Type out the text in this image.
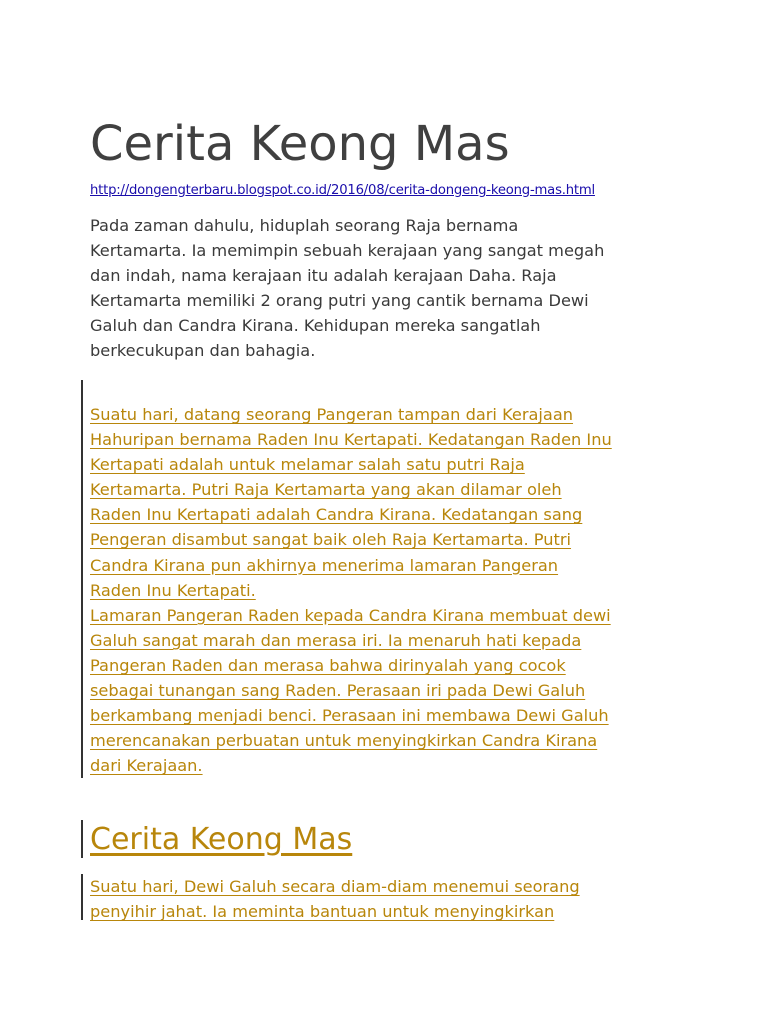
Cerita Keong Mas
http://dongengterbaru.blogspot.co.id/2016/08/cerita-dongeng-keong-mas.html
Pada zaman dahulu, hiduplah seorang Raja bernama
Kertamarta. Ia memimpin sebuah kerajaan yang sangat megah
dan indah, nama kerajaan itu adalah kerajaan Daha. Raja
Kertamarta memiliki 2 orang putri yang cantik bernama Dewi
Galuh dan Candra Kirana. Kehidupan mereka sangatlah
berkecukupan dan bahagia.
Suatu hari, datang seorang Pangeran tampan dari Kerajaan
Hahuripan bernama Raden Inu Kertapati. Kedatangan Raden Inu
Kertapati adalah untuk melamar salah satu putri Raja
Kertamarta. Putri Raja Kertamarta yang akan dilamar oleh
Raden Inu Kertapati adalah Candra Kirana. Kedatangan sang
Pengeran disambut sangat baik oleh Raja Kertamarta. Putri
Candra Kirana pun akhirnya menerima lamaran Pangeran
Raden Inu Kertapati.
Lamaran Pangeran Raden kepada Candra Kirana membuat dewi
Galuh sangat marah dan merasa iri. Ia menaruh hati kepada
Pangeran Raden dan merasa bahwa dirinyalah yang cocok
sebagai tunangan sang Raden. Perasaan iri pada Dewi Galuh
berkambang menjadi benci. Perasaan ini membawa Dewi Galuh
merencanakan perbuatan untuk menyingkirkan Candra Kirana
dari Kerajaan.
Cerita Keong Mas
Suatu hari, Dewi Galuh secara diam-diam menemui seorang
penyihir jahat. Ia meminta bantuan untuk menyingkirkan
